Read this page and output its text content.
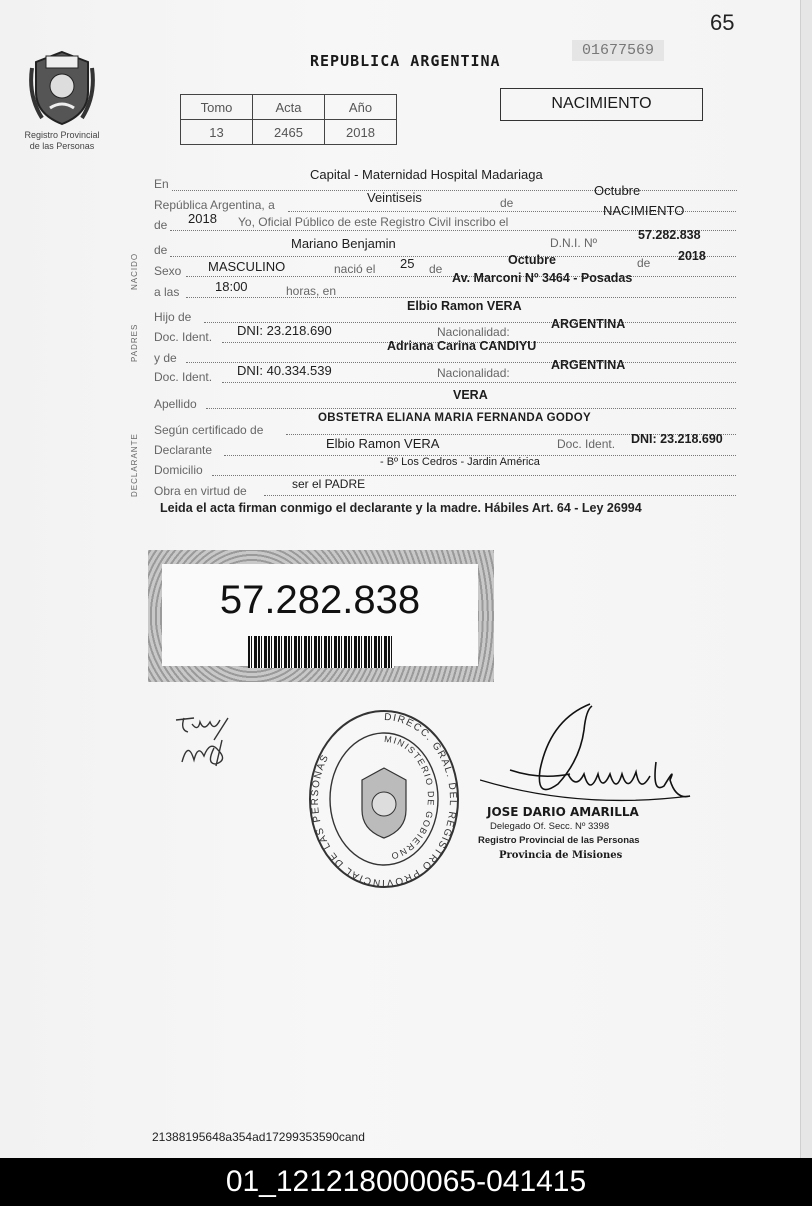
65
Registro Provincial
de las Personas
REPUBLICA ARGENTINA
01677569
Tomo	Acta	Año
13	2465	2018
NACIMIENTO
NACIDO
PADRES
DECLARANTE
En
Capital - Maternidad Hospital Madariaga
República Argentina, a	Veintiseis	de
Octubre
de 2018 Yo, Oficial Público de este Registro Civil inscribo el
NACIMIENTO
de	Mariano Benjamin	D.N.I. Nº
57.282.838
Sexo MASCULINO	nació el 25 de
Octubre	de 2018
a las	18:00	horas, en
Av. Marconi Nº 3464 - Posadas
Hijo de
Elbio Ramon VERA
Doc. Ident. DNI: 23.218.690	Nacionalidad:
ARGENTINA
y de
Adriana Carina CANDIYU
Doc. Ident. DNI: 40.334.539	Nacionalidad:
ARGENTINA
Apellido
VERA
Según certificado de
OBSTETRA ELIANA MARIA FERNANDA GODOY
Declarante	Elbio Ramon VERA	Doc. Ident. DNI: 23.218.690
Domicilio
- Bº Los Cedros - Jardin América
Obra en virtud de	ser el PADRE
Leida el acta firman conmigo el declarante y la madre. Hábiles Art. 64 - Ley 26994
57.282.838
DIRECC. GRAL. DEL REGISTRO PROVINCIAL DE LAS PERSONAS
MINISTERIO DE GOBIERNO
JOSE DARIO AMARILLA
Delegado Of. Secc. Nº 3398
Registro Provincial de las Personas
Provincia de Misiones
213881956​48a354ad172993​5​3​590cand
01_121218000065-041415
